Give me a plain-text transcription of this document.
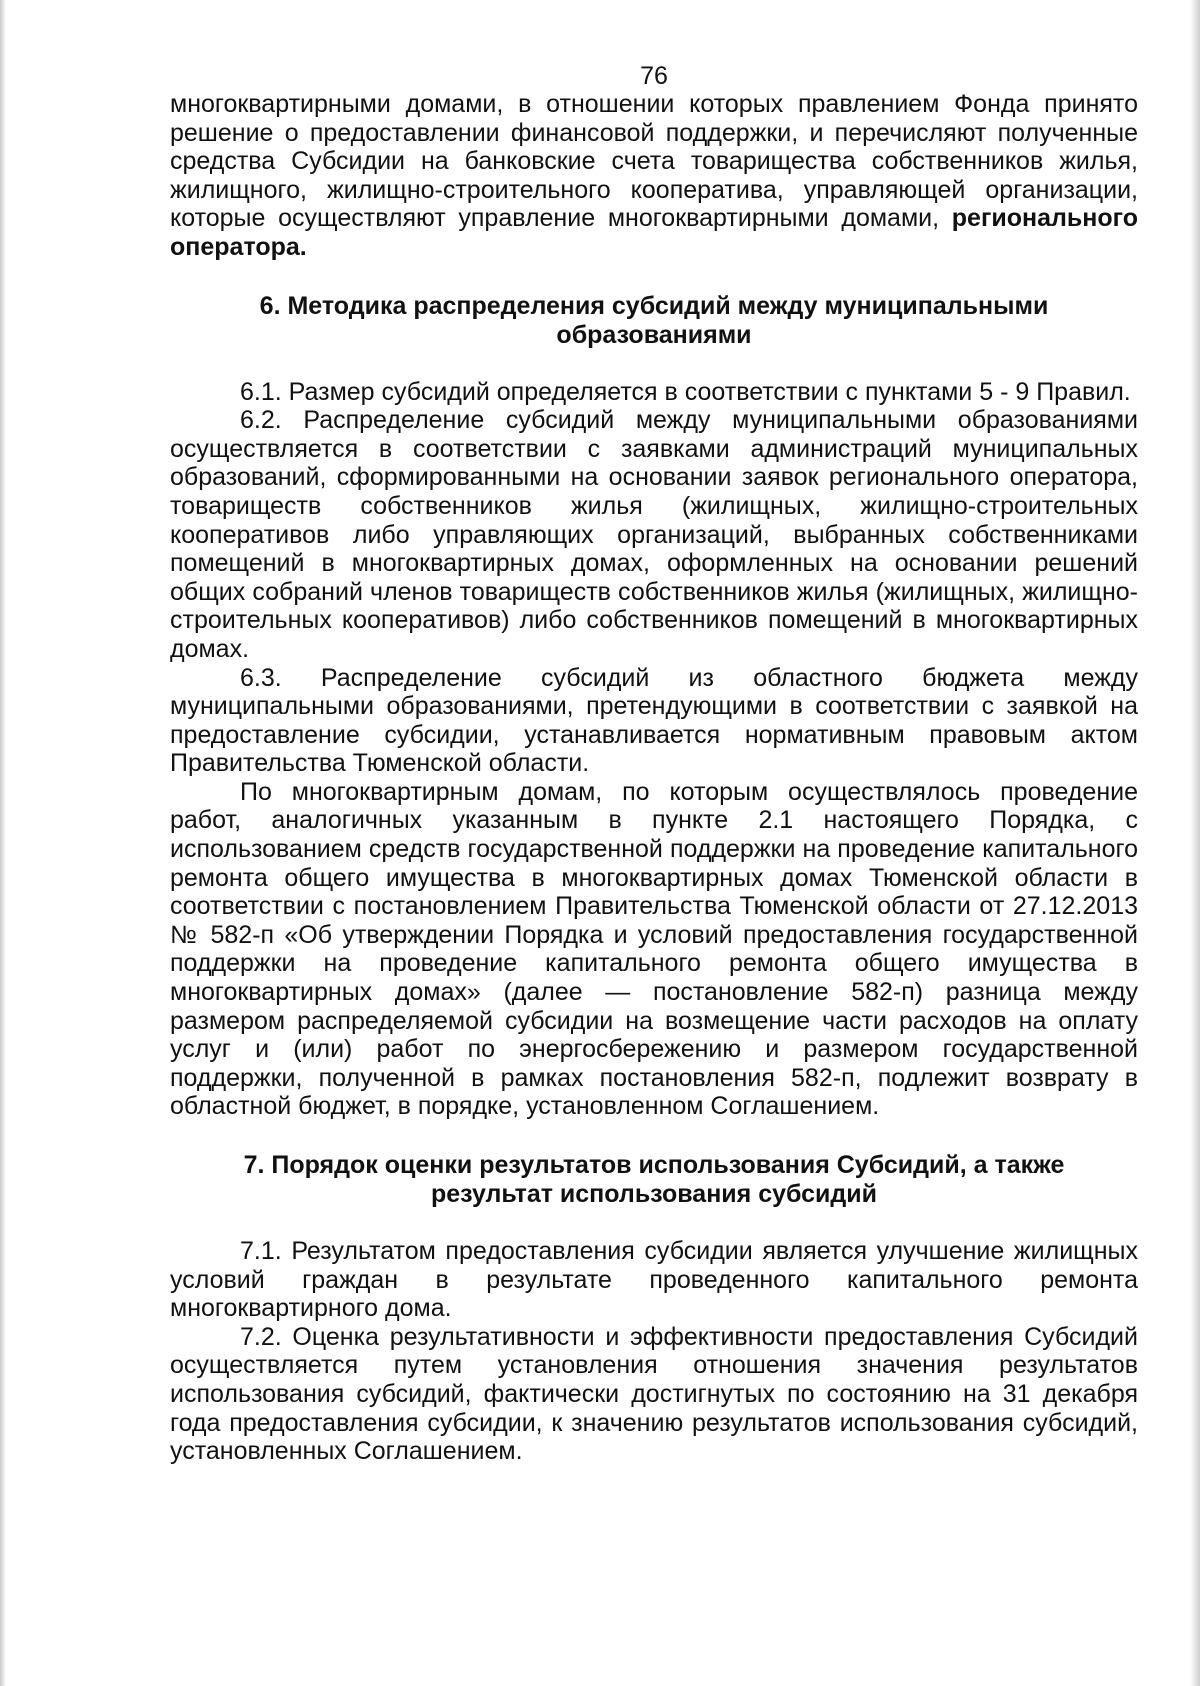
76

многоквартирными домами, в отношении которых правлением Фонда принято решение о предоставлении финансовой поддержки, и перечисляют полученные средства Субсидии на банковские счета товарищества собственников жилья, жилищного, жилищно-строительного кооператива, управляющей организации, которые осуществляют управление многоквартирными домами, регионального оператора.

6. Методика распределения субсидий между муниципальными
образованиями

6.1. Размер субсидий определяется в соответствии с пунктами 5 - 9 Правил.

6.2. Распределение субсидий между муниципальными образованиями осуществляется в соответствии с заявками администраций муниципальных образований, сформированными на основании заявок регионального оператора, товариществ собственников жилья (жилищных, жилищно-строительных кооперативов либо управляющих организаций, выбранных собственниками помещений в многоквартирных домах, оформленных на основании решений общих собраний членов товариществ собственников жилья (жилищных, жилищно-строительных кооперативов) либо собственников помещений в многоквартирных домах.

6.3. Распределение субсидий из областного бюджета между муниципальными образованиями, претендующими в соответствии с заявкой на предоставление субсидии, устанавливается нормативным правовым актом Правительства Тюменской области.

По многоквартирным домам, по которым осуществлялось проведение работ, аналогичных указанным в пункте 2.1 настоящего Порядка, с использованием средств государственной поддержки на проведение капитального ремонта общего имущества в многоквартирных домах Тюменской области в соответствии с постановлением Правительства Тюменской области от 27.12.2013 № 582-п «Об утверждении Порядка и условий предоставления государственной поддержки на проведение капитального ремонта общего имущества в многоквартирных домах» (далее — постановление 582-п) разница между размером распределяемой субсидии на возмещение части расходов на оплату услуг и (или) работ по энергосбережению и размером государственной поддержки, полученной в рамках постановления 582-п, подлежит возврату в областной бюджет, в порядке, установленном Соглашением.

7. Порядок оценки результатов использования Субсидий, а также
результат использования субсидий

7.1. Результатом предоставления субсидии является улучшение жилищных условий граждан в результате проведенного капитального ремонта многоквартирного дома.

7.2. Оценка результативности и эффективности предоставления Субсидий осуществляется путем установления отношения значения результатов использования субсидий, фактически достигнутых по состоянию на 31 декабря года предоставления субсидии, к значению результатов использования субсидий, установленных Соглашением.
